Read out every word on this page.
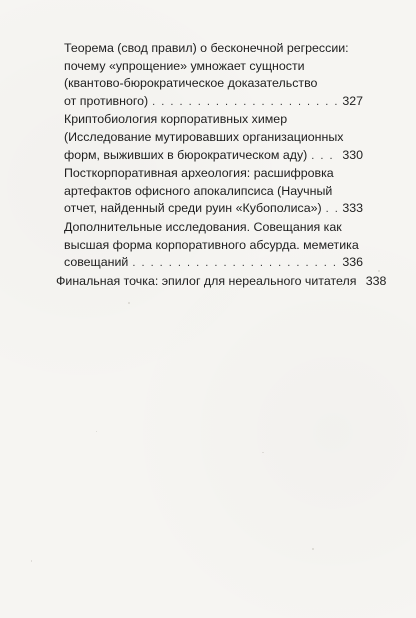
Теорема (свод правил) о бесконечной регрессии:
почему «упрощение» умножает сущности
(квантово-бюрократическое доказательство
от противного) . . .	327
Криптобиология корпоративных химер
(Исследование мутировавших организационных
форм, выживших в бюрократическом аду) . . .	330
Посткорпоративная археология: расшифровка
артефактов офисного апокалипсиса (Научный
отчет, найденный среди руин «Кубополиса») . . . 333
Дополнительные исследования. Совещания как
высшая форма корпоративного абсурда. меметика
совещаний . . .	336
Финальная точка: эпилог для нереального читателя 338
